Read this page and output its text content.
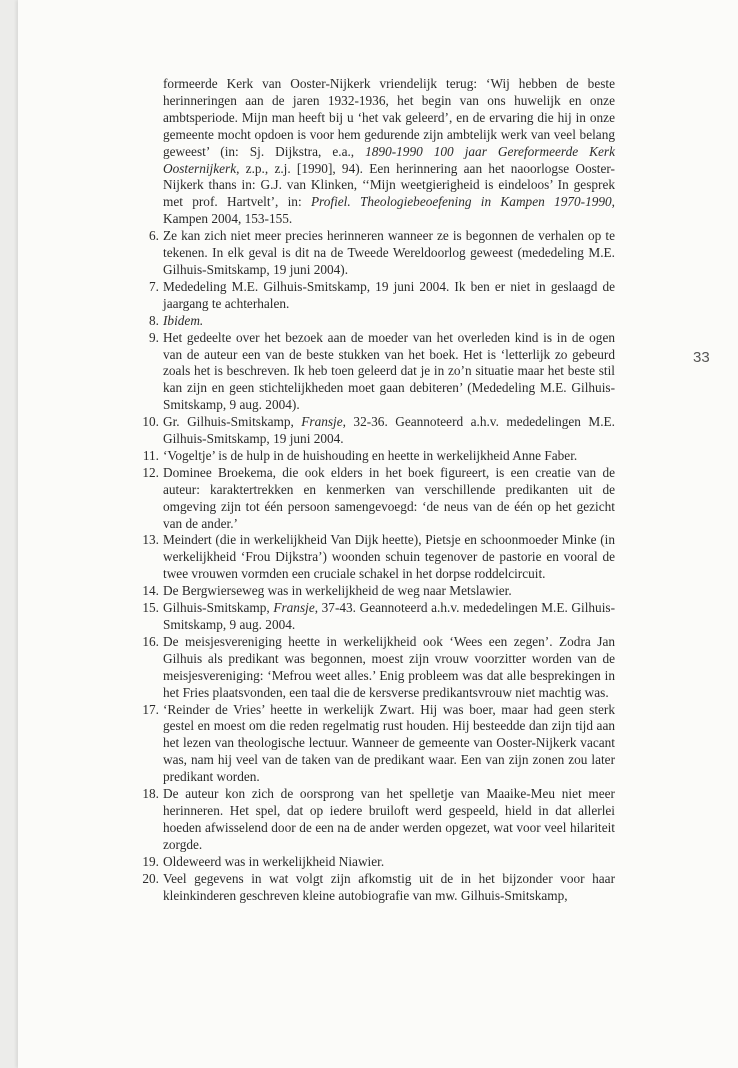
33
formeerde Kerk van Ooster-Nijkerk vriendelijk terug: ‘Wij hebben de beste herinneringen aan de jaren 1932-1936, het begin van ons huwelijk en onze ambtsperiode. Mijn man heeft bij u ‘het vak geleerd’, en de ervaring die hij in onze gemeente mocht opdoen is voor hem gedurende zijn ambtelijk werk van veel belang geweest’ (in: Sj. Dijkstra, e.a., 1890-1990 100 jaar Gereformeerde Kerk Oosternijkerk, z.p., z.j. [1990], 94). Een herinnering aan het naoorlogse Ooster-Nijkerk thans in: G.J. van Klinken, ‘‘Mijn weetgierigheid is eindeloos’ In gesprek met prof. Hartvelt’, in: Profiel. Theologiebeoefening in Kampen 1970-1990, Kampen 2004, 153-155.
6. Ze kan zich niet meer precies herinneren wanneer ze is begonnen de verhalen op te tekenen. In elk geval is dit na de Tweede Wereldoorlog geweest (mededeling M.E. Gilhuis-Smitskamp, 19 juni 2004).
7. Mededeling M.E. Gilhuis-Smitskamp, 19 juni 2004. Ik ben er niet in geslaagd de jaargang te achterhalen.
8. Ibidem.
9. Het gedeelte over het bezoek aan de moeder van het overleden kind is in de ogen van de auteur een van de beste stukken van het boek. Het is ‘letterlijk zo gebeurd zoals het is beschreven. Ik heb toen geleerd dat je in zo’n situatie maar het beste stil kan zijn en geen stichtelijkheden moet gaan debiteren’ (Mededeling M.E. Gilhuis-Smitskamp, 9 aug. 2004).
10. Gr. Gilhuis-Smitskamp, Fransje, 32-36. Geannoteerd a.h.v. mededelingen M.E. Gilhuis-Smitskamp, 19 juni 2004.
11. ‘Vogeltje’ is de hulp in de huishouding en heette in werkelijkheid Anne Faber.
12. Dominee Broekema, die ook elders in het boek figureert, is een creatie van de auteur: karaktertrekken en kenmerken van verschillende predikanten uit de omgeving zijn tot één persoon samengevoegd: ‘de neus van de één op het gezicht van de ander.’
13. Meindert (die in werkelijkheid Van Dijk heette), Pietsje en schoonmoeder Minke (in werkelijkheid ‘Frou Dijkstra’) woonden schuin tegenover de pastorie en vooral de twee vrouwen vormden een cruciale schakel in het dorpse roddelcircuit.
14. De Bergwierseweg was in werkelijkheid de weg naar Metslawier.
15. Gilhuis-Smitskamp, Fransje, 37-43. Geannoteerd a.h.v. mededelingen M.E. Gilhuis-Smitskamp, 9 aug. 2004.
16. De meisjesvereniging heette in werkelijkheid ook ‘Wees een zegen’. Zodra Jan Gilhuis als predikant was begonnen, moest zijn vrouw voorzitter worden van de meisjesvereniging: ‘Mefrou weet alles.’ Enig probleem was dat alle besprekingen in het Fries plaatsvonden, een taal die de kersverse predikantsvrouw niet machtig was.
17. ‘Reinder de Vries’ heette in werkelijk Zwart. Hij was boer, maar had geen sterk gestel en moest om die reden regelmatig rust houden. Hij besteedde dan zijn tijd aan het lezen van theologische lectuur. Wanneer de gemeente van Ooster-Nijkerk vacant was, nam hij veel van de taken van de predikant waar. Een van zijn zonen zou later predikant worden.
18. De auteur kon zich de oorsprong van het spelletje van Maaike-Meu niet meer herinneren. Het spel, dat op iedere bruiloft werd gespeeld, hield in dat allerlei hoeden afwisselend door de een na de ander werden opgezet, wat voor veel hilariteit zorgde.
19. Oldeweerd was in werkelijkheid Niawier.
20. Veel gegevens in wat volgt zijn afkomstig uit de in het bijzonder voor haar kleinkinderen geschreven kleine autobiografie van mw. Gilhuis-Smitskamp,
